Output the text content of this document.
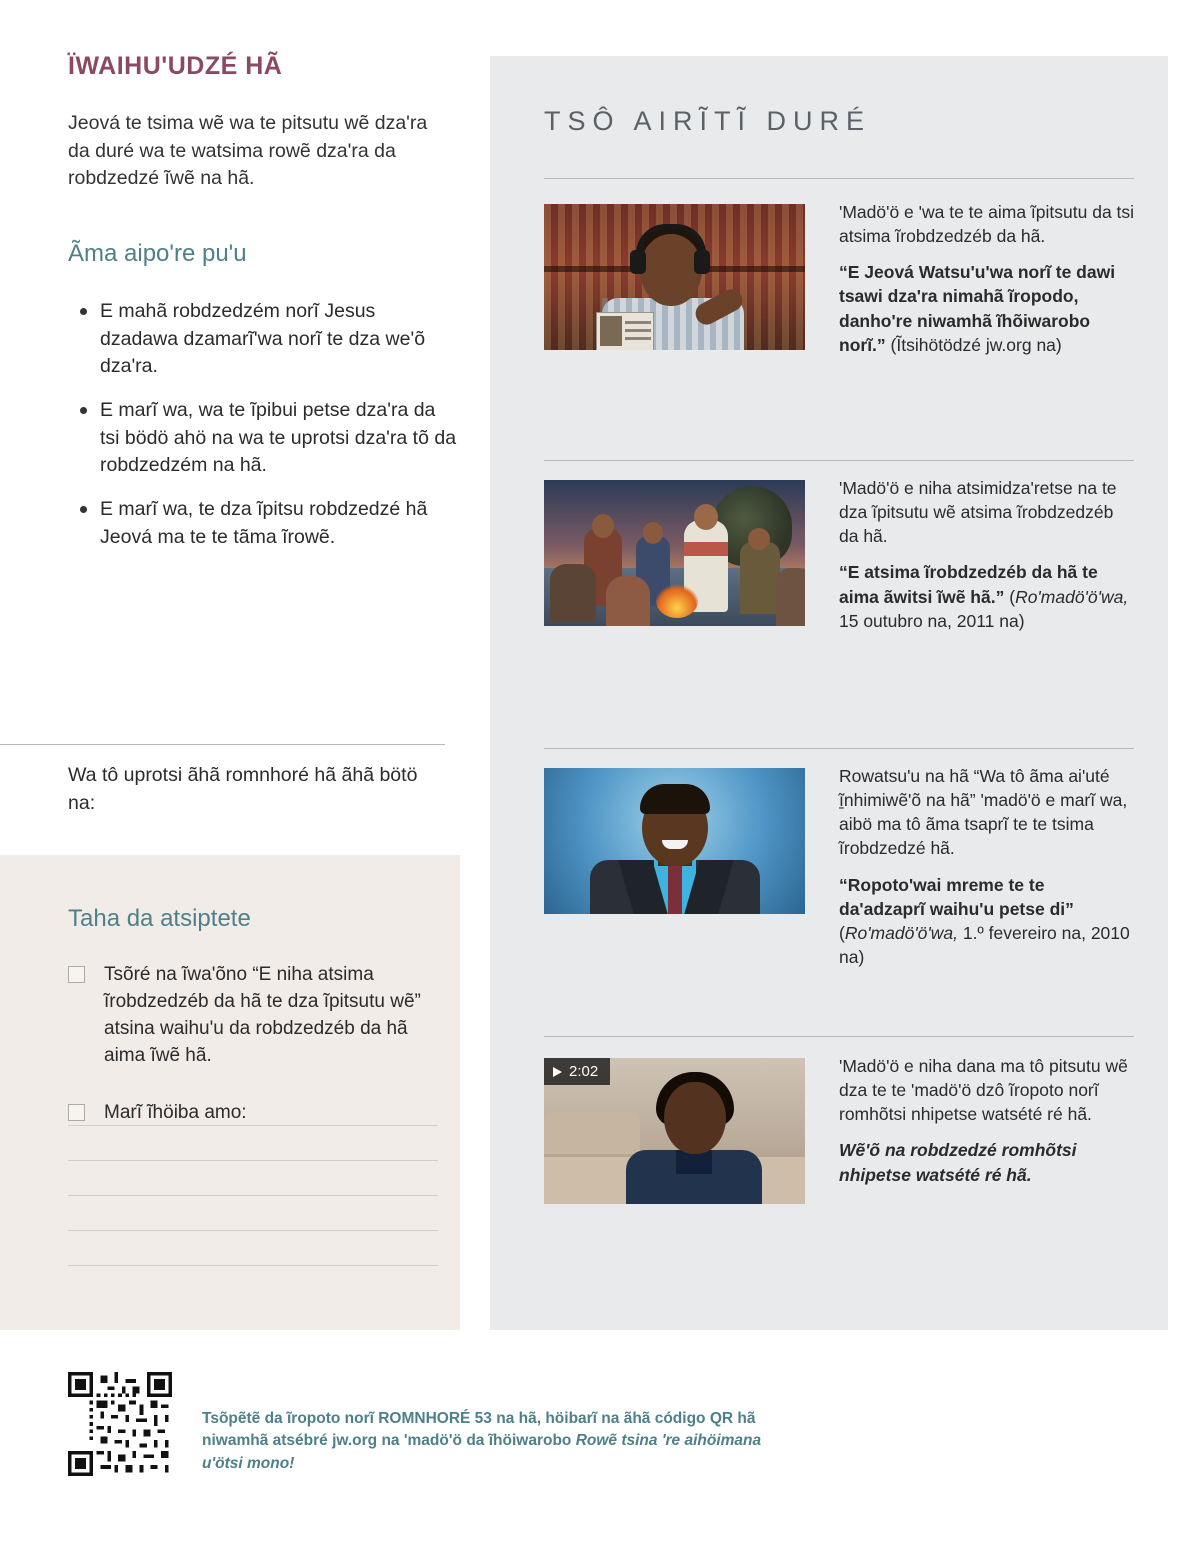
ÏWAIHU'UDZÉ HÃ
Jeová te tsima wẽ wa te pitsutu wẽ dza'ra da duré wa te watsima rowẽ dza'ra da robdzedzé ĩwẽ na hã.
Ãma aipo're pu'u
E mahã robdzedzém norĩ Jesus dzadawa dzamarĩ'wa norĩ te dza we'õ dza'ra.
E marĩ wa, wa te ĩpibui petse dza'ra da tsi bödö ahö na wa te uprotsi dza'ra tõ da robdzedzém na hã.
E marĩ wa, te dza ĩpitsu robdzedzé hã Jeová ma te te tãma ĩrowẽ.
Wa tô uprotsi ãhã romnhoré hã ãhã bötö na:
Taha da atsiptete
Tsõré na ĩwa'õno “E niha atsima ĩrobdzedzéb da hã te dza ĩpitsutu wẽ” atsina waihu'u da robdzedzéb da hã aima ĩwẽ hã.
Marĩ ĩhöiba amo:
TSÔ AIRĨTĨ DURÉ

'Madö'ö e 'wa te te aima ĩpitsutu da tsi atsima ĩrobdzedzéb da hã.

“E Jeová Watsu'u'wa norĩ te dawi tsawi dza'ra nimahã ĩropodo, danho're niwamhã ĩhõiwarobo norĩ.” (Ĩtsihötödzé jw.org na)

'Madö'ö e niha atsimidza'retse na te dza ĩpitsutu wẽ atsima ĩrobdzedzéb da hã.

“E atsima ĩrobdzedzéb da hã te aima ãwitsi ĩwẽ hã.” (Ro'madö'ö'wa, 15 outubro na, 2011 na)

Rowatsu'u na hã “Wa tô ãma ai'uté ĩ̱nhimiwẽ'õ na hã” 'madö'ö e marĩ wa, aibö ma tô ãma tsaprĩ te te tsima ĩrobdzedzé hã.

“Ropoto'wai mreme te te da'adzaprĩ waihu'u petse di” (Ro'madö'ö'wa, 1.º fevereiro na, 2010 na)

2:02	'Madö'ö e niha dana ma tô pitsutu wẽ dza te te 'madö'ö dzô ĩropoto norĩ romhõtsi nhipetse watsété ré hã.

Wẽ'õ na robdzedzé romhõtsi nhipetse watsété ré hã.

Tsõpẽtẽ da ĩropoto norĩ ROMNHORÉ 53 na hã, höibarĩ na ãhã código QR hã niwamhã atsébré jw.org na 'madö'ö da ĩhöiwarobo Rowẽ tsina 're aihöimana u'ötsi mono!
